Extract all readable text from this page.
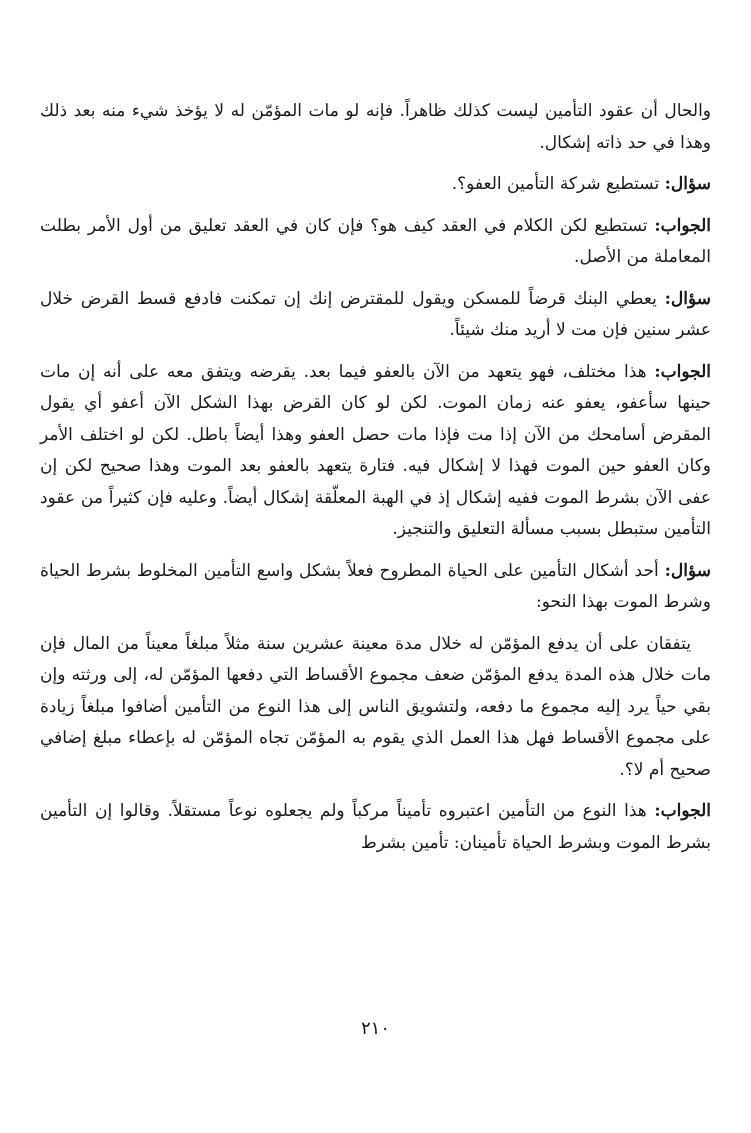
والحال أن عقود التأمين ليست كذلك ظاهراً. فإنه لو مات المؤمّن له لا يؤخذ شيء منه بعد ذلك وهذا في حد ذاته إشكال.

سؤال: تستطيع شركة التأمين العفو؟.

الجواب: تستطيع لكن الكلام في العقد كيف هو؟ فإن كان في العقد تعليق من أول الأمر بطلت المعاملة من الأصل.

سؤال: يعطي البنك قرضاً للمسكن ويقول للمقترض إنك إن تمكنت فادفع قسط القرض خلال عشر سنين فإن مت لا أريد منك شيئاً.

الجواب: هذا مختلف، فهو يتعهد من الآن بالعفو فيما بعد. يقرضه ويتفق معه على أنه إن مات حينها سأعفو، يعفو عنه زمان الموت. لكن لو كان القرض بهذا الشكل الآن أعفو أي يقول المقرض أسامحك من الآن إذا مت فإذا مات حصل العفو وهذا أيضاً باطل. لكن لو اختلف الأمر وكان العفو حين الموت فهذا لا إشكال فيه. فتارة يتعهد بالعفو بعد الموت وهذا صحيح لكن إن عفى الآن بشرط الموت ففيه إشكال إذ في الهبة المعلّقة إشكال أيضاً. وعليه فإن كثيراً من عقود التأمين ستبطل بسبب مسألة التعليق والتنجيز.

سؤال: أحد أشكال التأمين على الحياة المطروح فعلاً بشكل واسع التأمين المخلوط بشرط الحياة وشرط الموت بهذا النحو:

يتفقان على أن يدفع المؤمّن له خلال مدة معينة عشرين سنة مثلاً مبلغاً معيناً من المال فإن مات خلال هذه المدة يدفع المؤمّن ضعف مجموع الأقساط التي دفعها المؤمّن له، إلى ورثته وإن بقي حياً يرد إليه مجموع ما دفعه، ولتشويق الناس إلى هذا النوع من التأمين أضافوا مبلغاً زيادة على مجموع الأقساط فهل هذا العمل الذي يقوم به المؤمّن تجاه المؤمّن له بإعطاء مبلغ إضافي صحيح أم لا؟.

الجواب: هذا النوع من التأمين اعتبروه تأميناً مركباً ولم يجعلوه نوعاً مستقلاً. وقالوا إن التأمين بشرط الموت وبشرط الحياة تأمينان: تأمين بشرط

٢١٠
